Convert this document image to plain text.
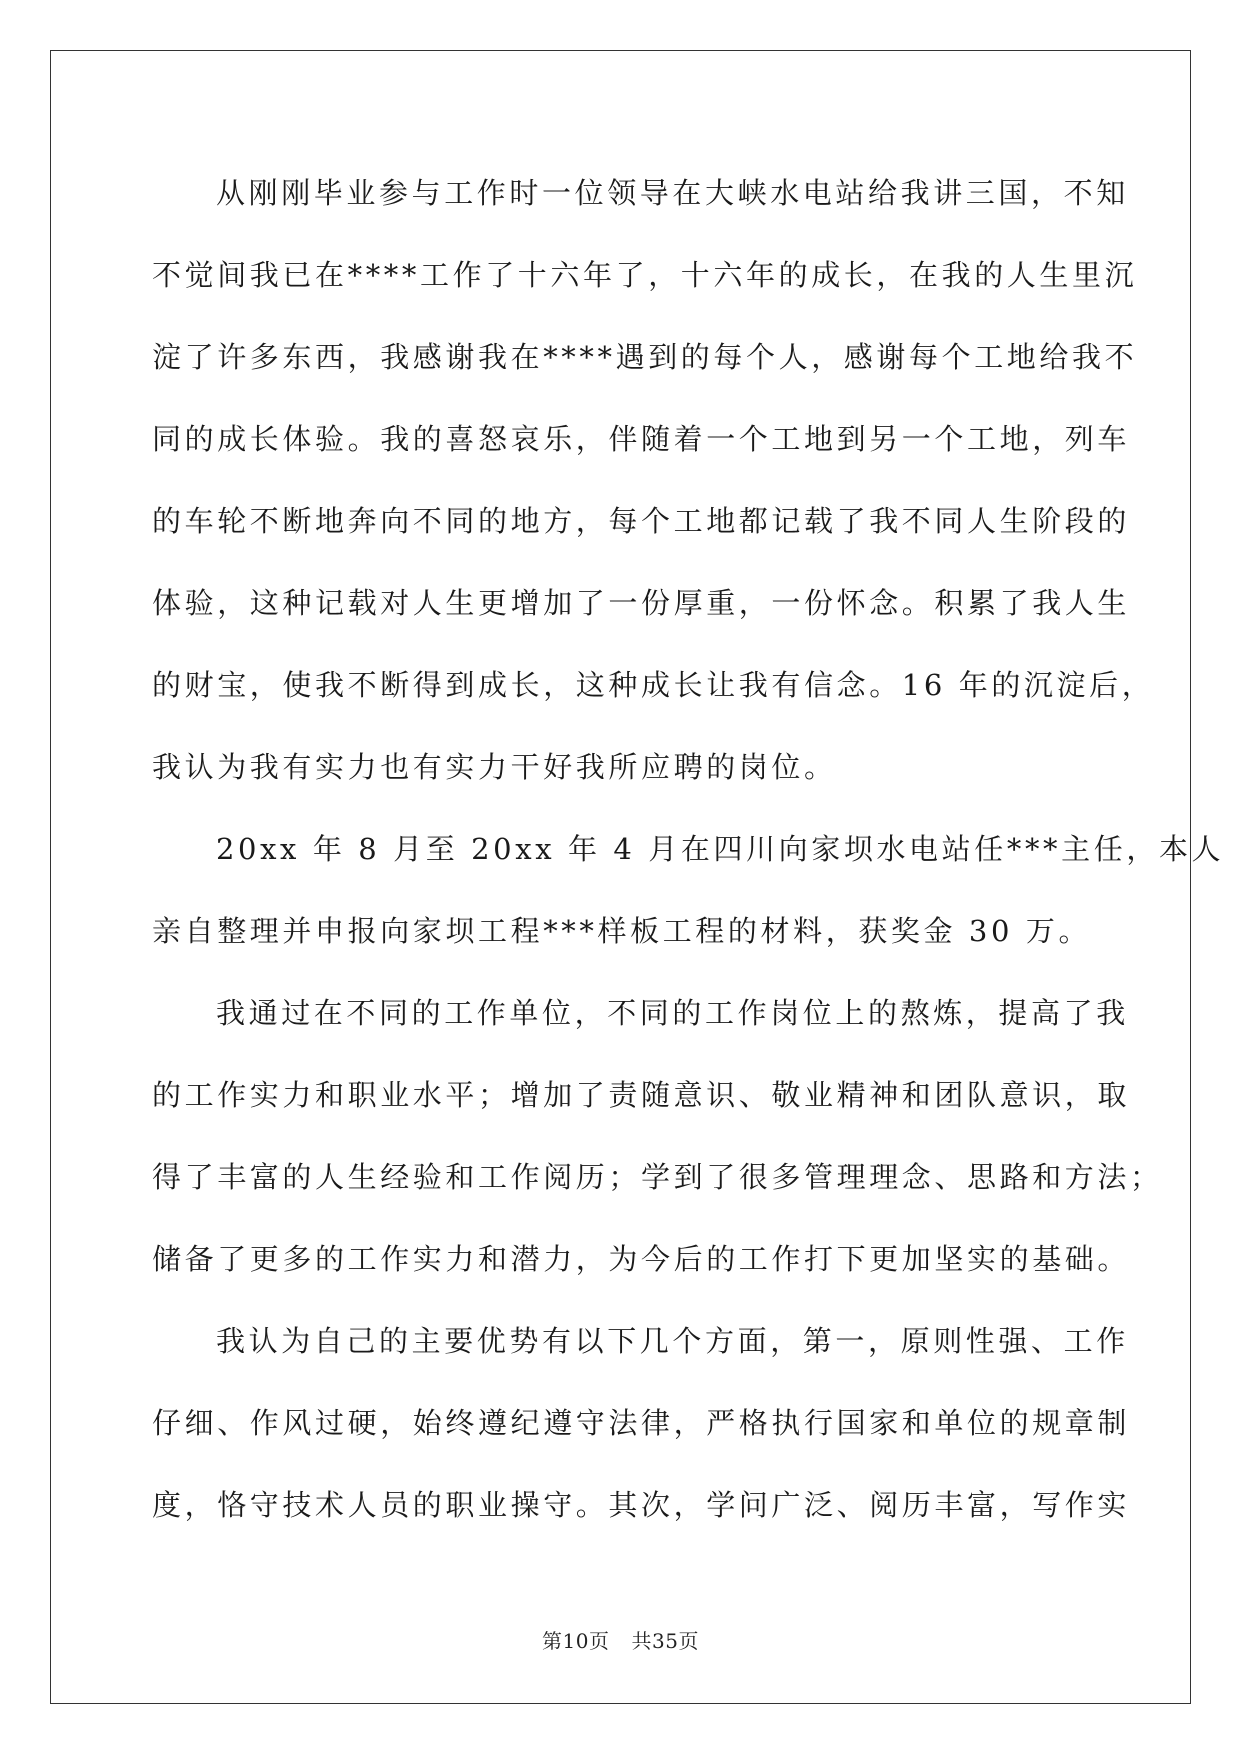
从刚刚毕业参与工作时一位领导在大峡水电站给我讲三国，不知
不觉间我已在****工作了十六年了，十六年的成长，在我的人生里沉
淀了许多东西，我感谢我在****遇到的每个人，感谢每个工地给我不
同的成长体验。我的喜怒哀乐，伴随着一个工地到另一个工地，列车
的车轮不断地奔向不同的地方，每个工地都记载了我不同人生阶段的
体验，这种记载对人生更增加了一份厚重，一份怀念。积累了我人生
的财宝，使我不断得到成长，这种成长让我有信念。16 年的沉淀后，
我认为我有实力也有实力干好我所应聘的岗位。

20xx 年 8 月至 20xx 年 4 月在四川向家坝水电站任***主任，本人
亲自整理并申报向家坝工程***样板工程的材料，获奖金 30 万。

我通过在不同的工作单位，不同的工作岗位上的熬炼，提高了我
的工作实力和职业水平；增加了责随意识、敬业精神和团队意识，取
得了丰富的人生经验和工作阅历；学到了很多管理理念、思路和方法；
储备了更多的工作实力和潜力，为今后的工作打下更加坚实的基础。

我认为自己的主要优势有以下几个方面，第一，原则性强、工作
仔细、作风过硬，始终遵纪遵守法律，严格执行国家和单位的规章制
度，恪守技术人员的职业操守。其次，学问广泛、阅历丰富，写作实

第10页 共35页
